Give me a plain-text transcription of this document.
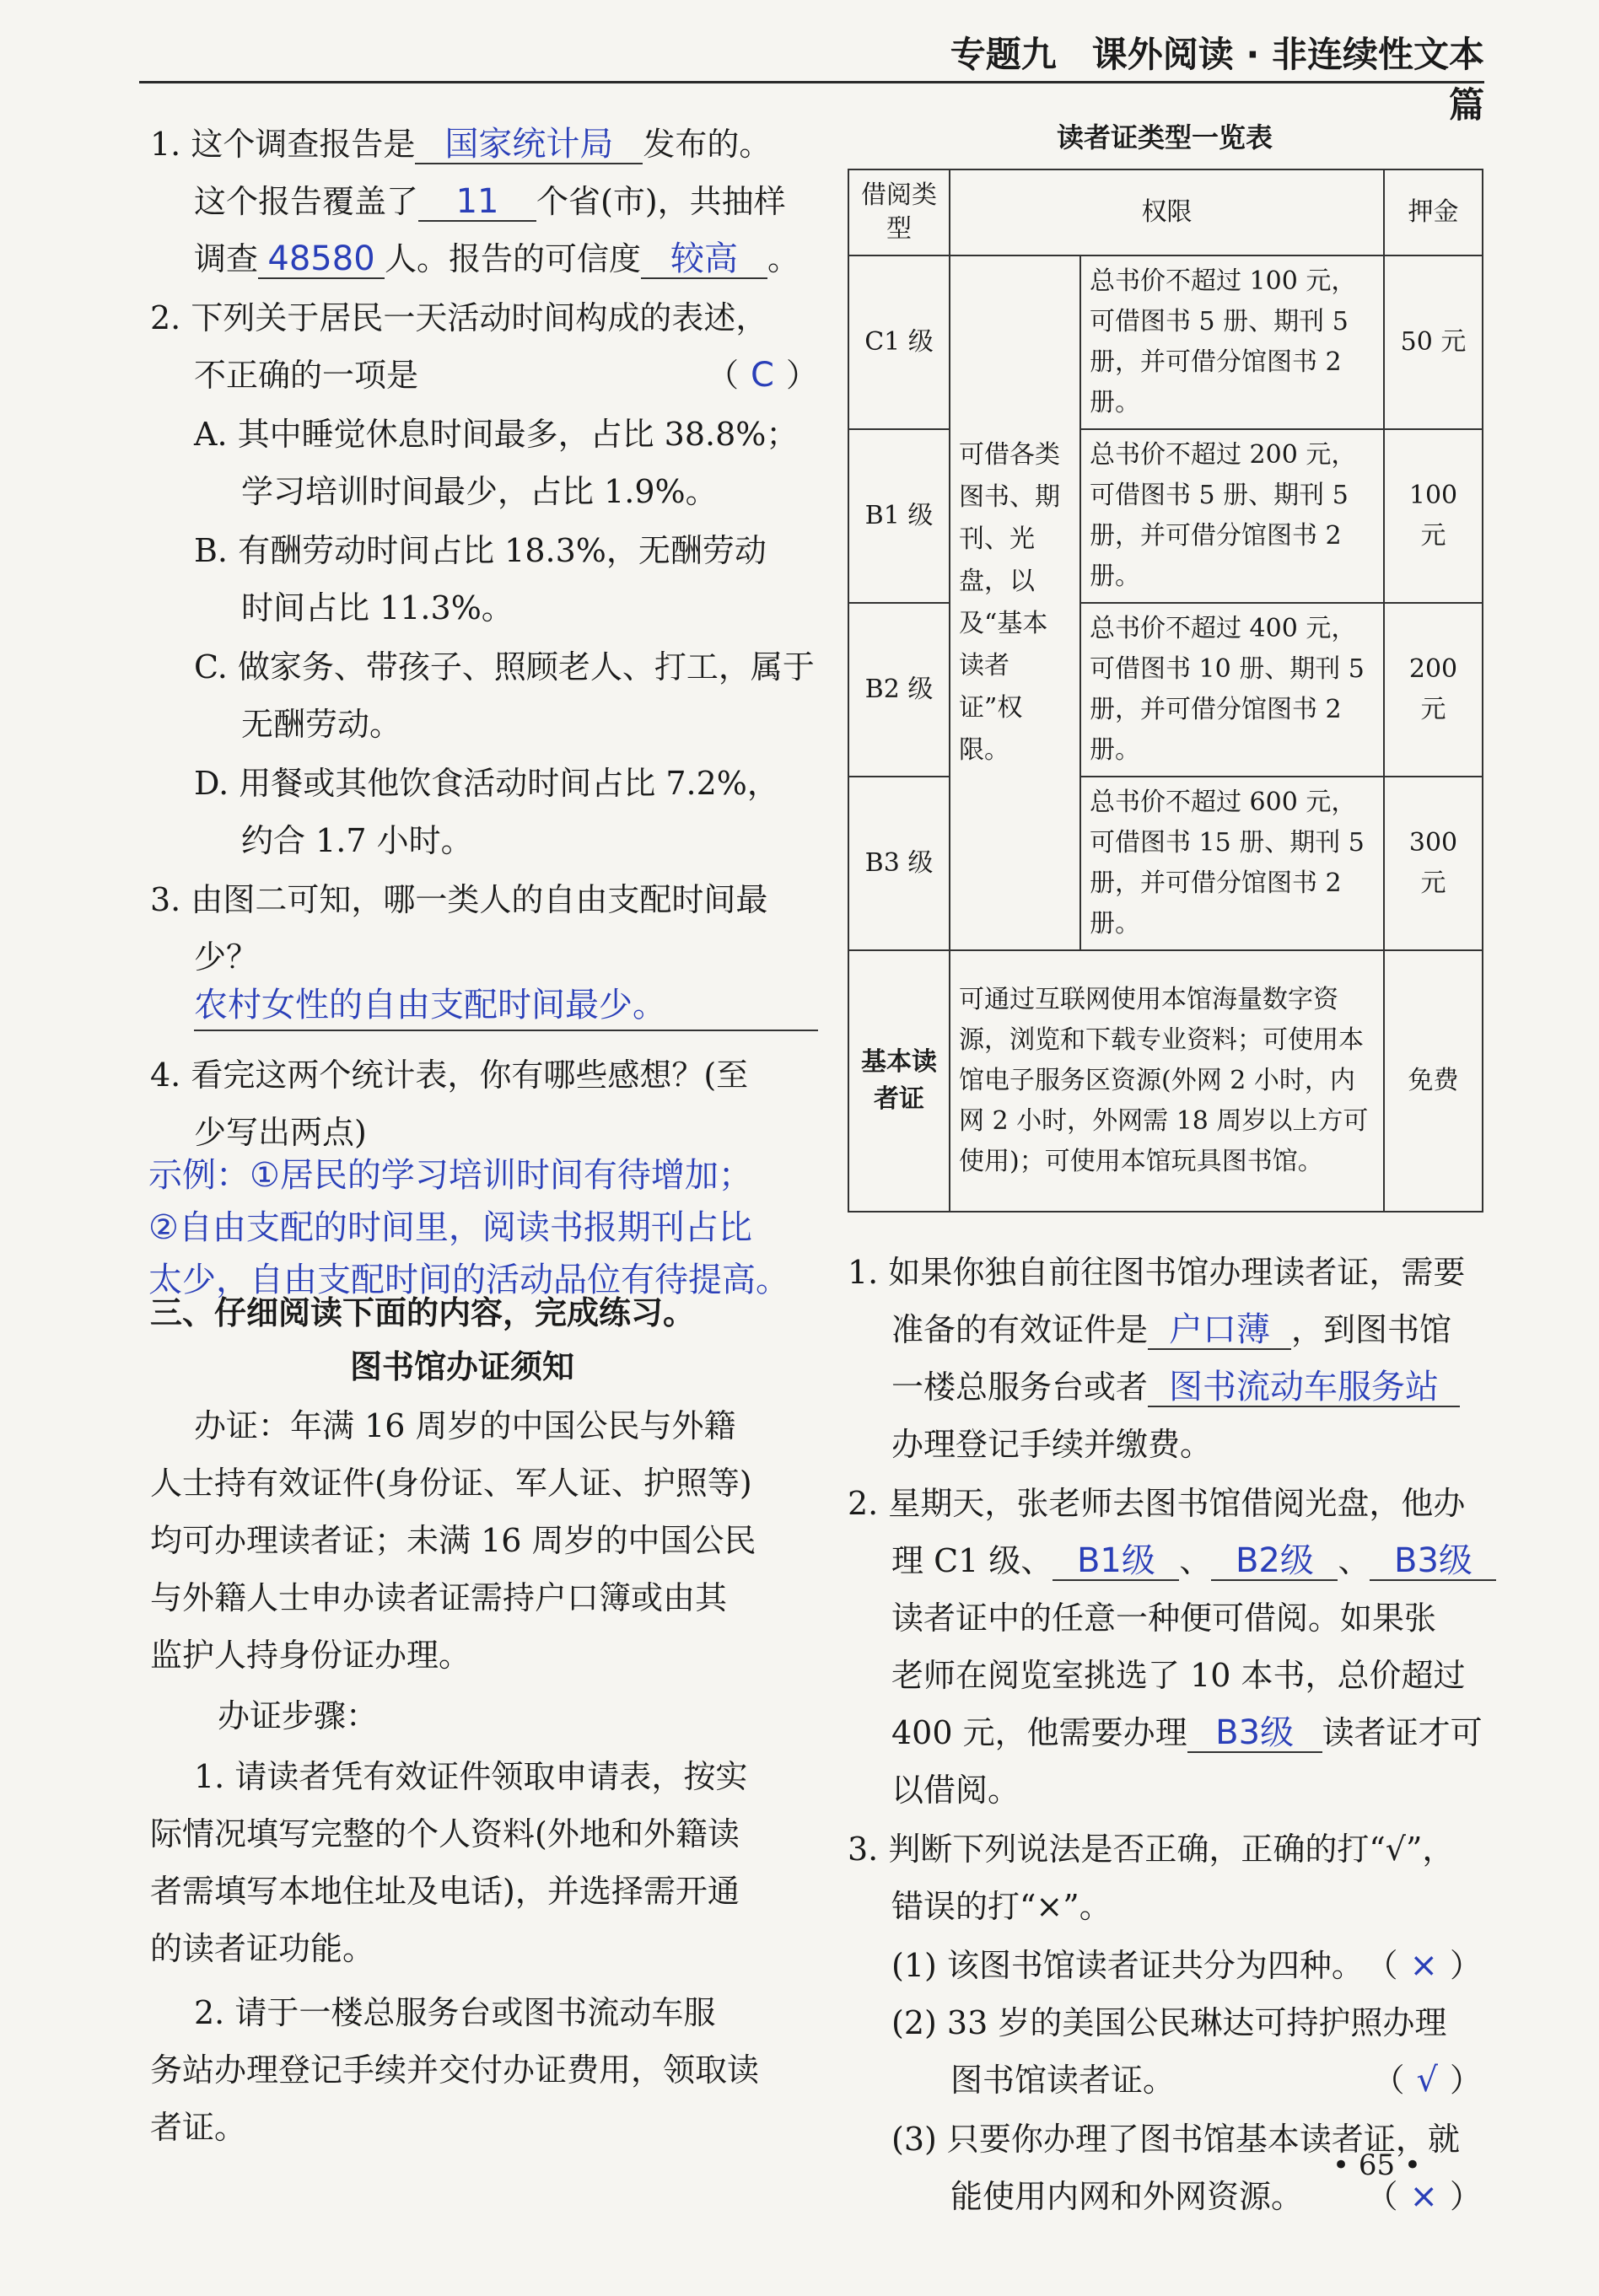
专题九　课外阅读 · 非连续性文本篇
1. 这个调查报告是 国家统计局 发布的。
这个报告覆盖了 11 个省(市)，共抽样
调查 48580 人。报告的可信度 较高 。
2. 下列关于居民一天活动时间构成的表述，
不正确的一项是	（ C ）
A. 其中睡觉休息时间最多，占比 38.8%；
学习培训时间最少，占比 1.9%。
B. 有酬劳动时间占比 18.3%，无酬劳动
时间占比 11.3%。
C. 做家务、带孩子、照顾老人、打工，属于
无酬劳动。
D. 用餐或其他饮食活动时间占比 7.2%，
约合 1.7 小时。
3. 由图二可知，哪一类人的自由支配时间最
少？
农村女性的自由支配时间最少。
4. 看完这两个统计表，你有哪些感想？(至
少写出两点)
示例：①居民的学习培训时间有待增加；
②自由支配的时间里，阅读书报期刊占比
太少，自由支配时间的活动品位有待提高。
三、仔细阅读下面的内容，完成练习。
图书馆办证须知
办证：年满 16 周岁的中国公民与外籍
人士持有效证件(身份证、军人证、护照等)
均可办理读者证；未满 16 周岁的中国公民
与外籍人士申办读者证需持户口簿或由其
监护人持身份证办理。
办证步骤：
1. 请读者凭有效证件领取申请表，按实
际情况填写完整的个人资料(外地和外籍读
者需填写本地住址及电话)，并选择需开通
的读者证功能。
2. 请于一楼总服务台或图书流动车服
务站办理登记手续并交付办证费用，领取读
者证。
读者证类型一览表
借阅类型	权限		押金
C1 级	可借各类图书、期刊、光盘，以及“基本读者证”权限。	总书价不超过 100 元，可借图书 5 册、期刊 5 册，并可借分馆图书 2 册。	50 元
B1 级		总书价不超过 200 元，可借图书 5 册、期刊 5 册，并可借分馆图书 2 册。	100 元
B2 级		总书价不超过 400 元，可借图书 10 册、期刊 5 册，并可借分馆图书 2 册。	200 元
B3 级		总书价不超过 600 元，可借图书 15 册、期刊 5 册，并可借分馆图书 2 册。	300 元
基本读者证	可通过互联网使用本馆海量数字资源，浏览和下载专业资料；可使用本馆电子服务区资源(外网 2 小时，内网 2 小时，外网需 18 周岁以上方可使用)；可使用本馆玩具图书馆。		免费
1. 如果你独自前往图书馆办理读者证，需要
准备的有效证件是 户口薄 ，到图书馆
一楼总服务台或者 图书流动车服务站
办理登记手续并缴费。
2. 星期天，张老师去图书馆借阅光盘，他办
理 C1 级、 B1级 、 B2级 、 B3级
读者证中的任意一种便可借阅。如果张
老师在阅览室挑选了 10 本书，总价超过
400 元，他需要办理 B3级 读者证才可
以借阅。
3. 判断下列说法是否正确，正确的打“√”，
错误的打“×”。
(1) 该图书馆读者证共分为四种。 （ × ）
(2) 33 岁的美国公民琳达可持护照办理
图书馆读者证。	（ √ ）
(3) 只要你办理了图书馆基本读者证，就
能使用内网和外网资源。 （ × ）
• 65 •
